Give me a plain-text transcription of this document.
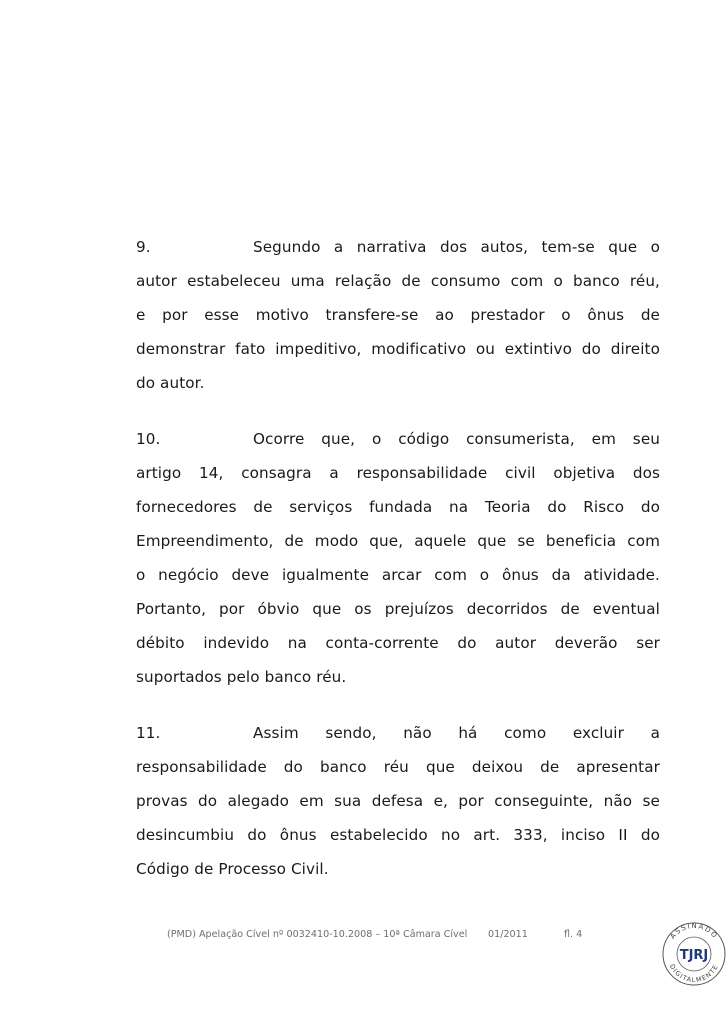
9.	Segundo a narrativa dos autos, tem-se que o
autor estabeleceu uma relação de consumo com o banco réu,
e por esse motivo transfere-se ao prestador o ônus de
demonstrar fato impeditivo, modificativo ou extintivo do direito
do autor.
10.	Ocorre que, o código consumerista, em seu
artigo 14, consagra a responsabilidade civil objetiva dos
fornecedores de serviços fundada na Teoria do Risco do
Empreendimento, de modo que, aquele que se beneficia com
o negócio deve igualmente arcar com o ônus da atividade.
Portanto, por óbvio que os prejuízos decorridos de eventual
débito indevido na conta-corrente do autor deverão ser
suportados pelo banco réu.
11.	Assim sendo, não há como excluir a
responsabilidade do banco réu que deixou de apresentar
provas do alegado em sua defesa e, por conseguinte, não se
desincumbiu do ônus estabelecido no art. 333, inciso II do
Código de Processo Civil.
(PMD) Apelação Cível nº 0032410-10.2008 – 10ª Câmara Cível 01/2011	fl. 4	ASSINADO
DIGITALMENTE
TJRJ
